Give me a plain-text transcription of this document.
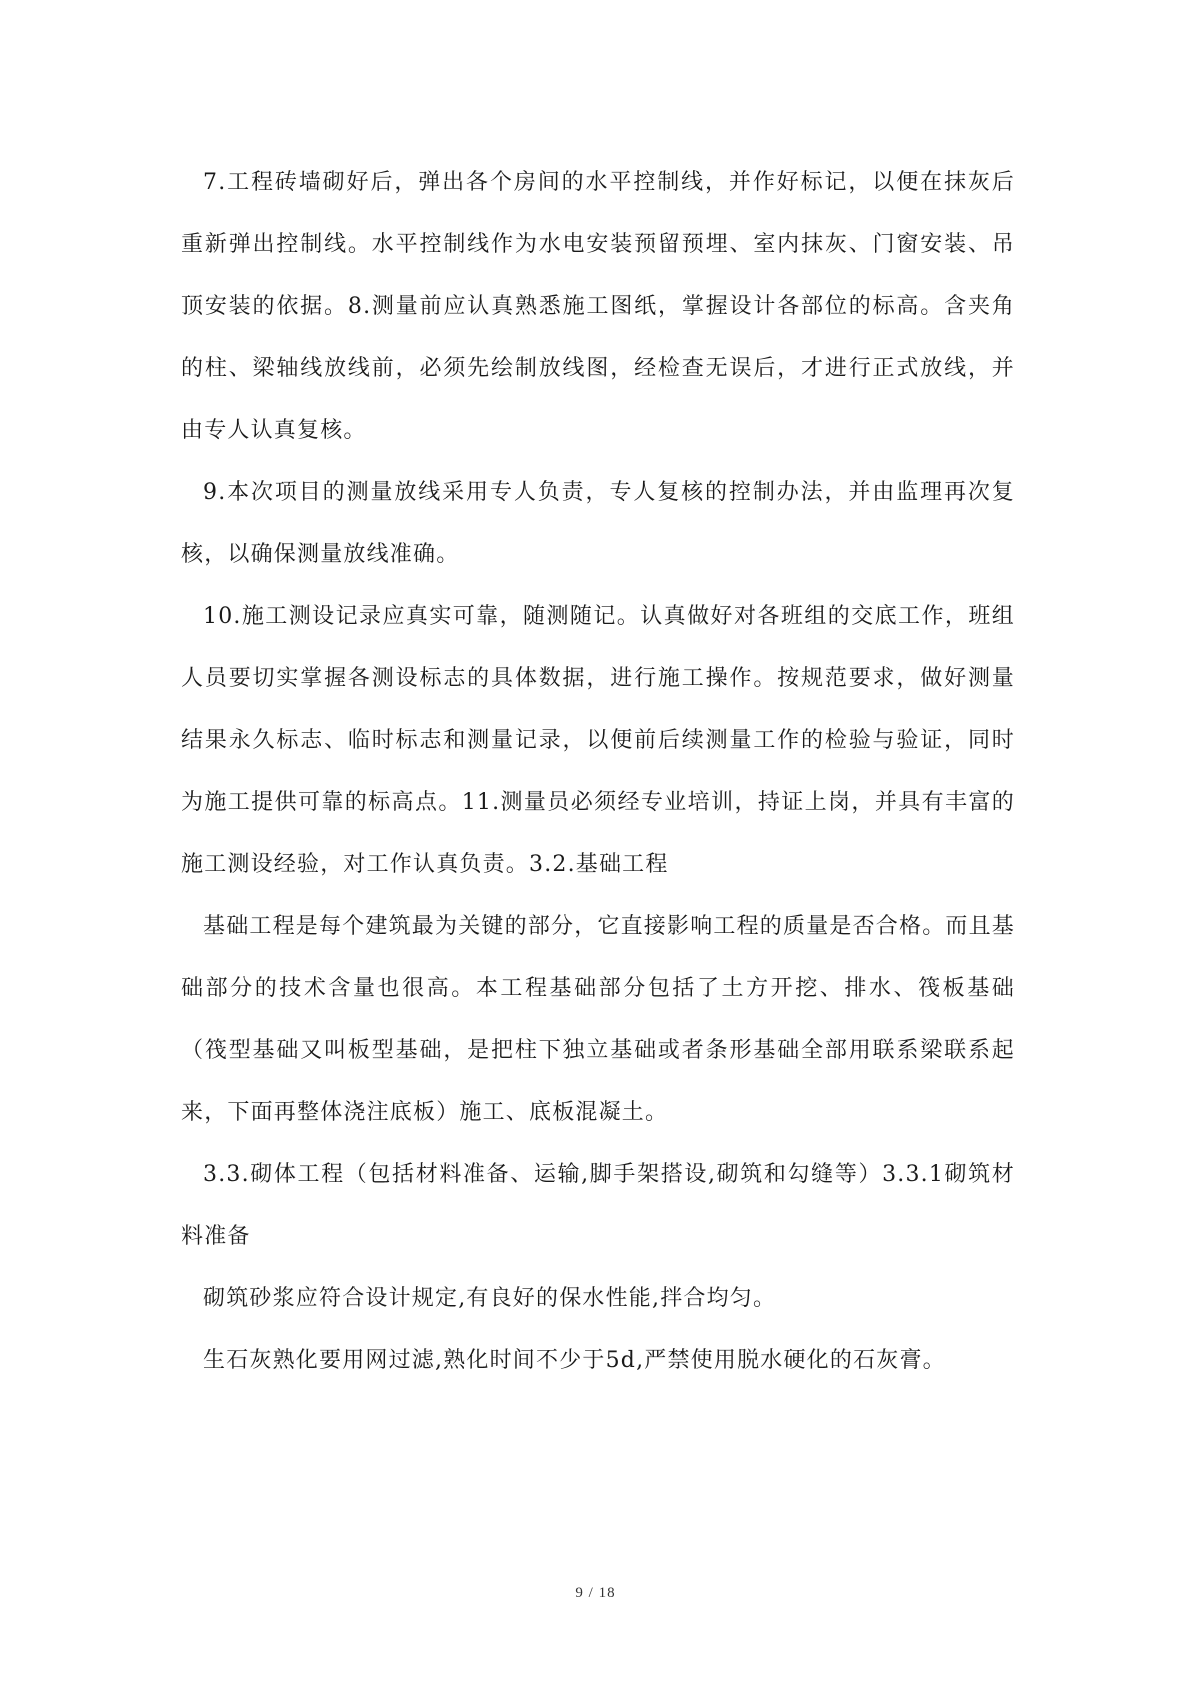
7.工程砖墙砌好后，弹出各个房间的水平控制线，并作好标记，以便在抹灰后重新弹出控制线。水平控制线作为水电安装预留预埋、室内抹灰、门窗安装、吊顶安装的依据。8.测量前应认真熟悉施工图纸，掌握设计各部位的标高。含夹角的柱、梁轴线放线前，必须先绘制放线图，经检查无误后，才进行正式放线，并由专人认真复核。

9.本次项目的测量放线采用专人负责，专人复核的控制办法，并由监理再次复核，以确保测量放线准确。

10.施工测设记录应真实可靠，随测随记。认真做好对各班组的交底工作，班组人员要切实掌握各测设标志的具体数据，进行施工操作。按规范要求，做好测量结果永久标志、临时标志和测量记录，以便前后续测量工作的检验与验证，同时为施工提供可靠的标高点。11.测量员必须经专业培训，持证上岗，并具有丰富的施工测设经验，对工作认真负责。3.2.基础工程

基础工程是每个建筑最为关键的部分，它直接影响工程的质量是否合格。而且基础部分的技术含量也很高。本工程基础部分包括了土方开挖、排水、筏板基础（筏型基础又叫板型基础，是把柱下独立基础或者条形基础全部用联系梁联系起来，下面再整体浇注底板）施工、底板混凝土。

3.3.砌体工程（包括材料准备、运输,脚手架搭设,砌筑和勾缝等）3.3.1砌筑材料准备

砌筑砂浆应符合设计规定,有良好的保水性能,拌合均匀。

生石灰熟化要用网过滤,熟化时间不少于5d,严禁使用脱水硬化的石灰膏。

9 / 18
